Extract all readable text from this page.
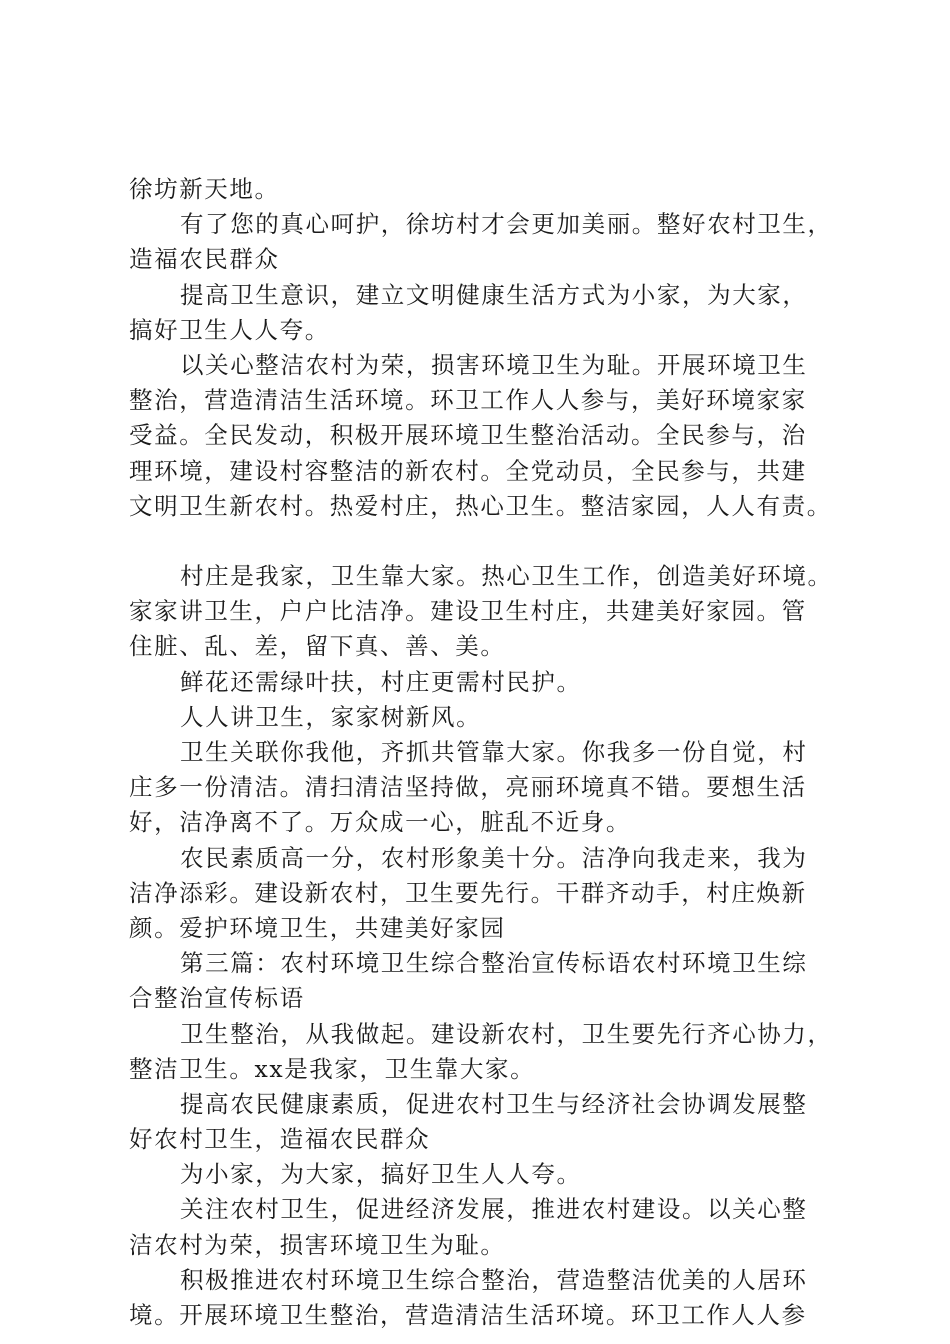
徐坊新天地。
有了您的真心呵护，徐坊村才会更加美丽。整好农村卫生，
造福农民群众
提高卫生意识，建立文明健康生活方式为小家，为大家，
搞好卫生人人夸。
以关心整洁农村为荣，损害环境卫生为耻。开展环境卫生
整治，营造清洁生活环境。环卫工作人人参与，美好环境家家
受益。全民发动，积极开展环境卫生整治活动。全民参与，治
理环境，建设村容整洁的新农村。全党动员，全民参与，共建
文明卫生新农村。热爱村庄，热心卫生。整洁家园，人人有责。
村庄是我家，卫生靠大家。热心卫生工作，创造美好环境。
家家讲卫生，户户比洁净。建设卫生村庄，共建美好家园。管
住脏、乱、差，留下真、善、美。
鲜花还需绿叶扶，村庄更需村民护。
人人讲卫生，家家树新风。
卫生关联你我他，齐抓共管靠大家。你我多一份自觉，村
庄多一份清洁。清扫清洁坚持做，亮丽环境真不错。要想生活
好，洁净离不了。万众成一心，脏乱不近身。
农民素质高一分，农村形象美十分。洁净向我走来，我为
洁净添彩。建设新农村，卫生要先行。干群齐动手，村庄焕新
颜。爱护环境卫生，共建美好家园
第三篇：农村环境卫生综合整治宣传标语农村环境卫生综
合整治宣传标语
卫生整治，从我做起。建设新农村，卫生要先行齐心协力，
整洁卫生。xx是我家，卫生靠大家。
提高农民健康素质，促进农村卫生与经济社会协调发展整
好农村卫生，造福农民群众
为小家，为大家，搞好卫生人人夸。
关注农村卫生，促进经济发展，推进农村建设。以关心整
洁农村为荣，损害环境卫生为耻。
积极推进农村环境卫生综合整治，营造整洁优美的人居环
境。开展环境卫生整治，营造清洁生活环境。环卫工作人人参
